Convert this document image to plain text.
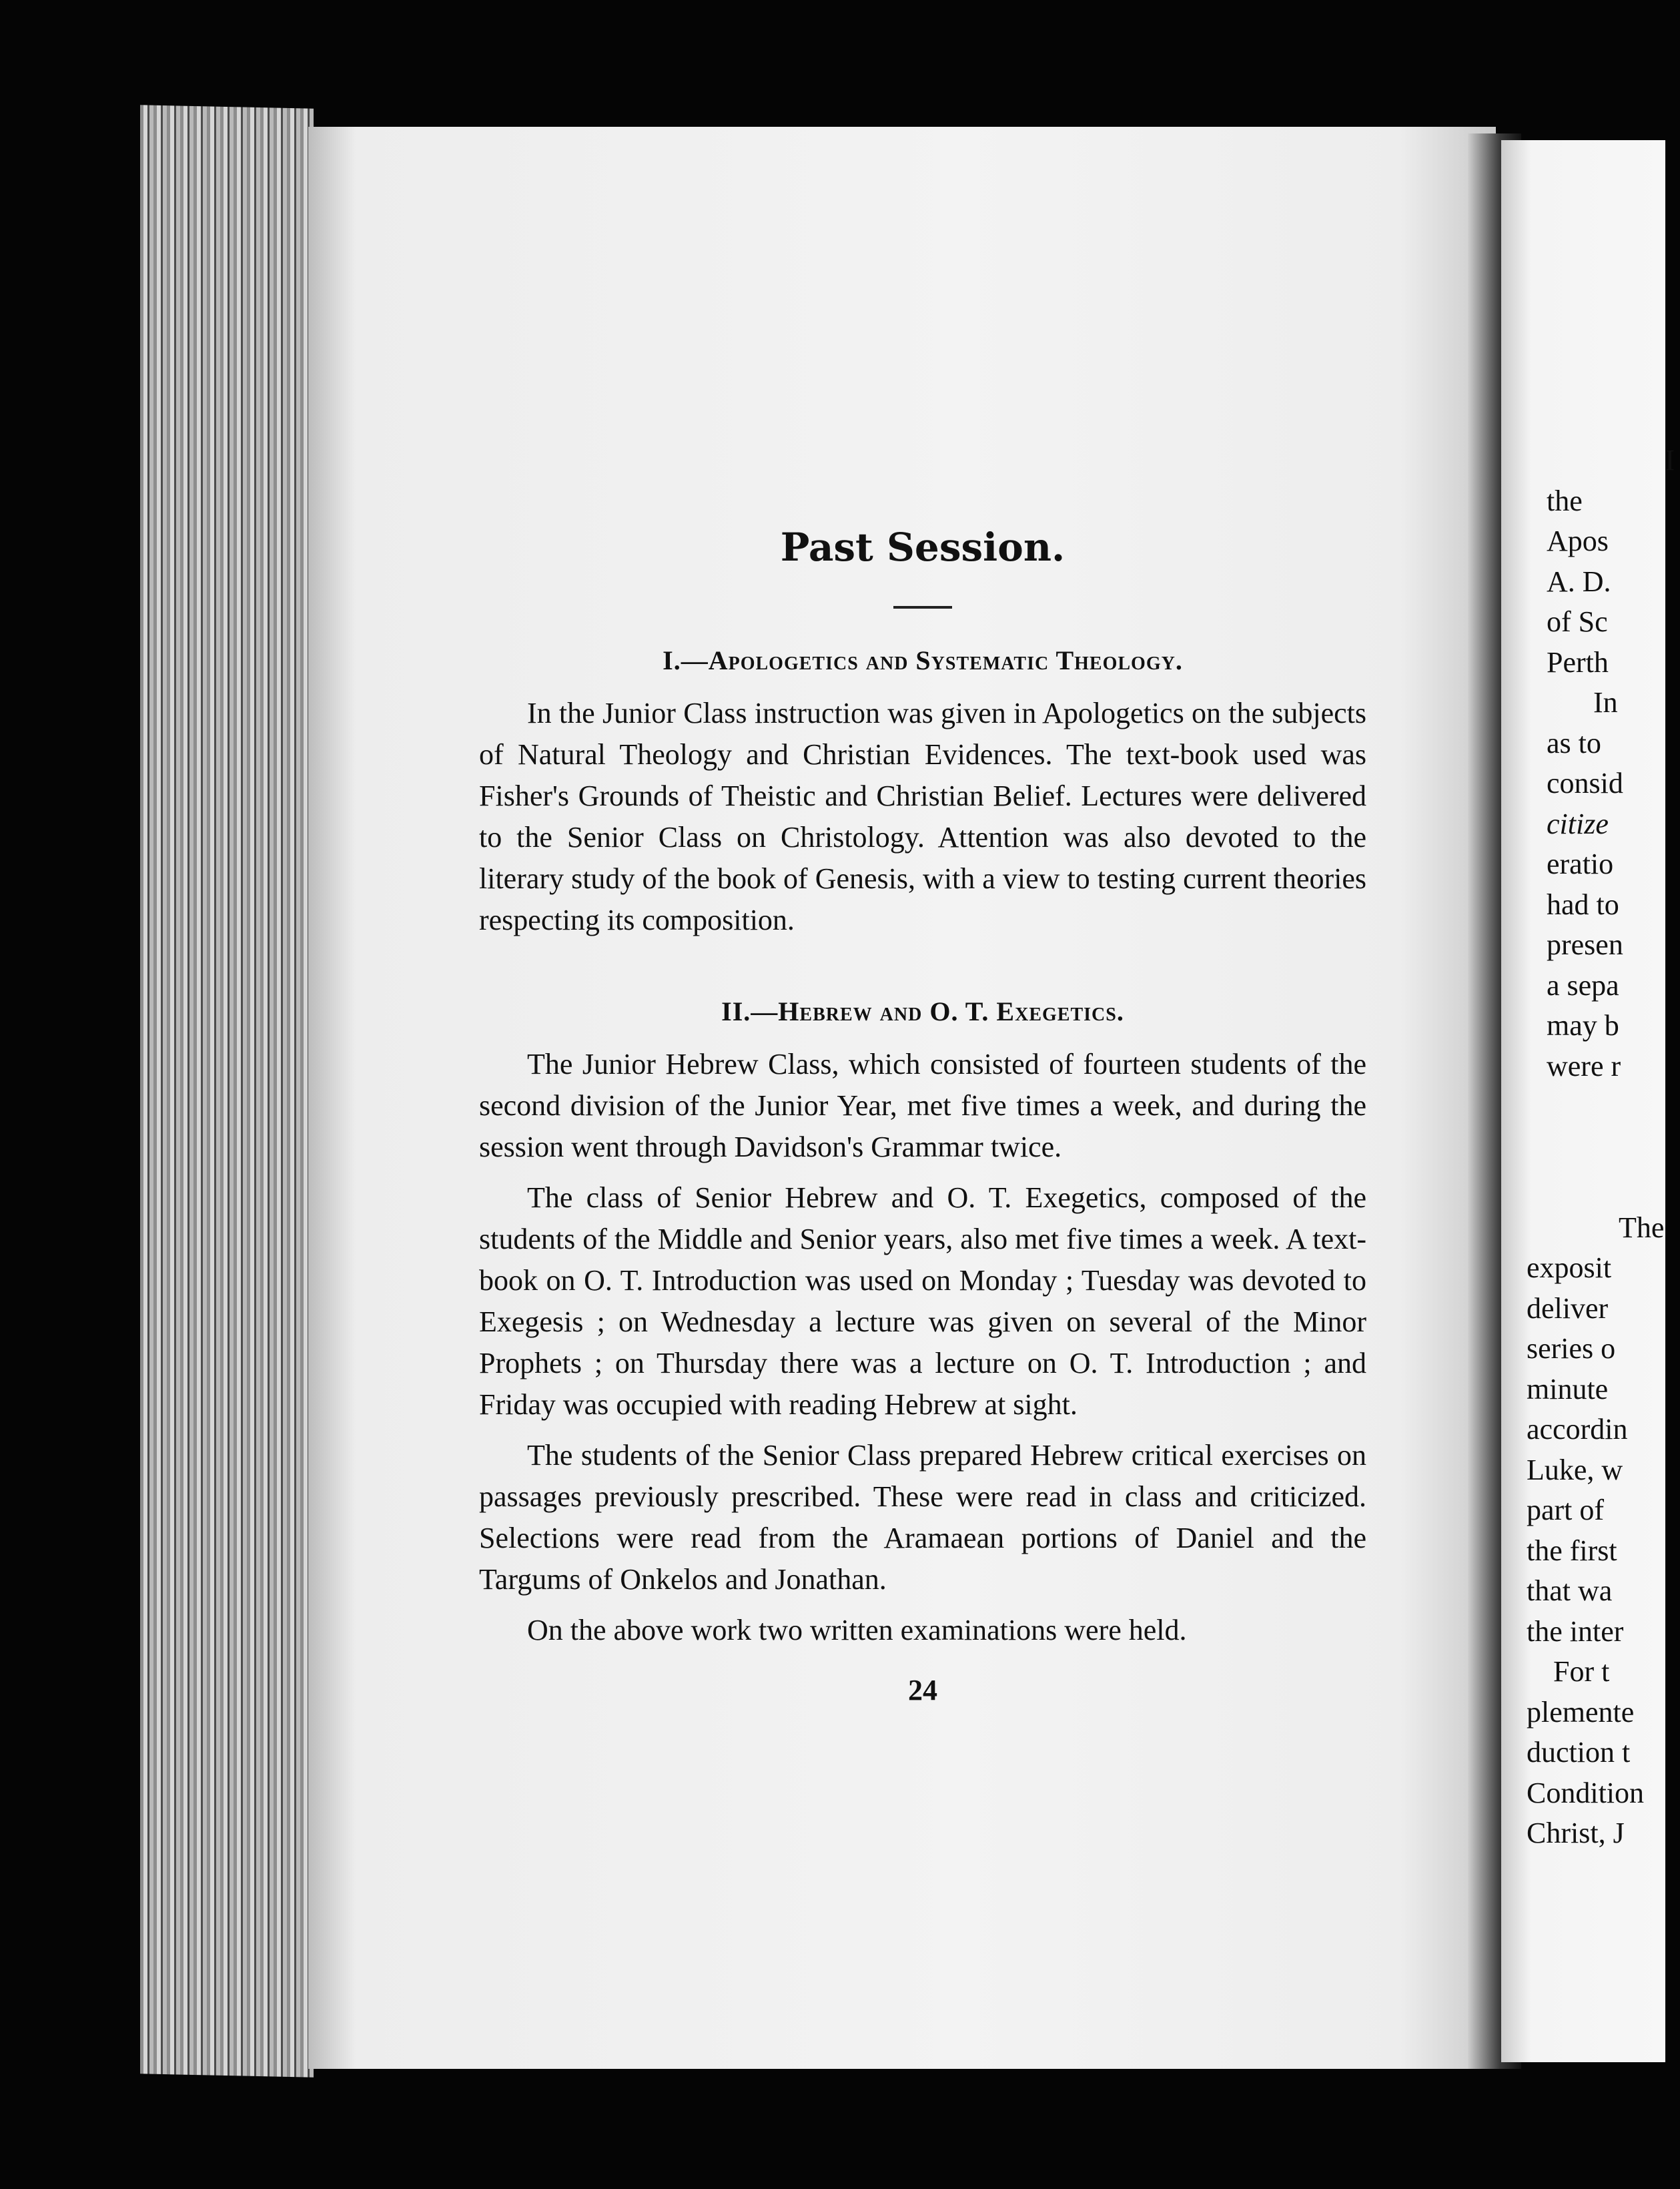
Past Session.
I.—Apologetics and Systematic Theology.

In the Junior Class instruction was given in Apologetics on the subjects of Natural Theology and Christian Evidences. The text-book used was Fisher's Grounds of Theistic and Christian Belief. Lectures were delivered to the Senior Class on Christology. Attention was also devoted to the literary study of the book of Genesis, with a view to testing current theories respecting its composition.

II.—Hebrew and O. T. Exegetics.

The Junior Hebrew Class, which consisted of fourteen students of the second division of the Junior Year, met five times a week, and during the session went through Davidson's Grammar twice.

The class of Senior Hebrew and O. T. Exegetics, composed of the students of the Middle and Senior years, also met five times a week. A text-book on O. T. Introduction was used on Monday ; Tuesday was devoted to Exegesis ; on Wednesday a lecture was given on several of the Minor Prophets ; on Thursday there was a lecture on O. T. Introduction ; and Friday was occupied with reading Hebrew at sight.

The students of the Senior Class prepared Hebrew critical exercises on passages previously prescribed. These were read in class and criticized. Selections were read from the Aramaean portions of Daniel and the Targums of Onkelos and Jonathan.

On the above work two written examinations were held.

24
I
the
Apos
A. D.
of Sc
Perth
In
as to
consid
citize
eratio
had to
presen
a sepa
may b
were r
The
exposit
deliver
series o
minute
accordin
Luke, w
part of
the first
that wa
the inter
For t
plemente
duction t
Condition
Christ, J
